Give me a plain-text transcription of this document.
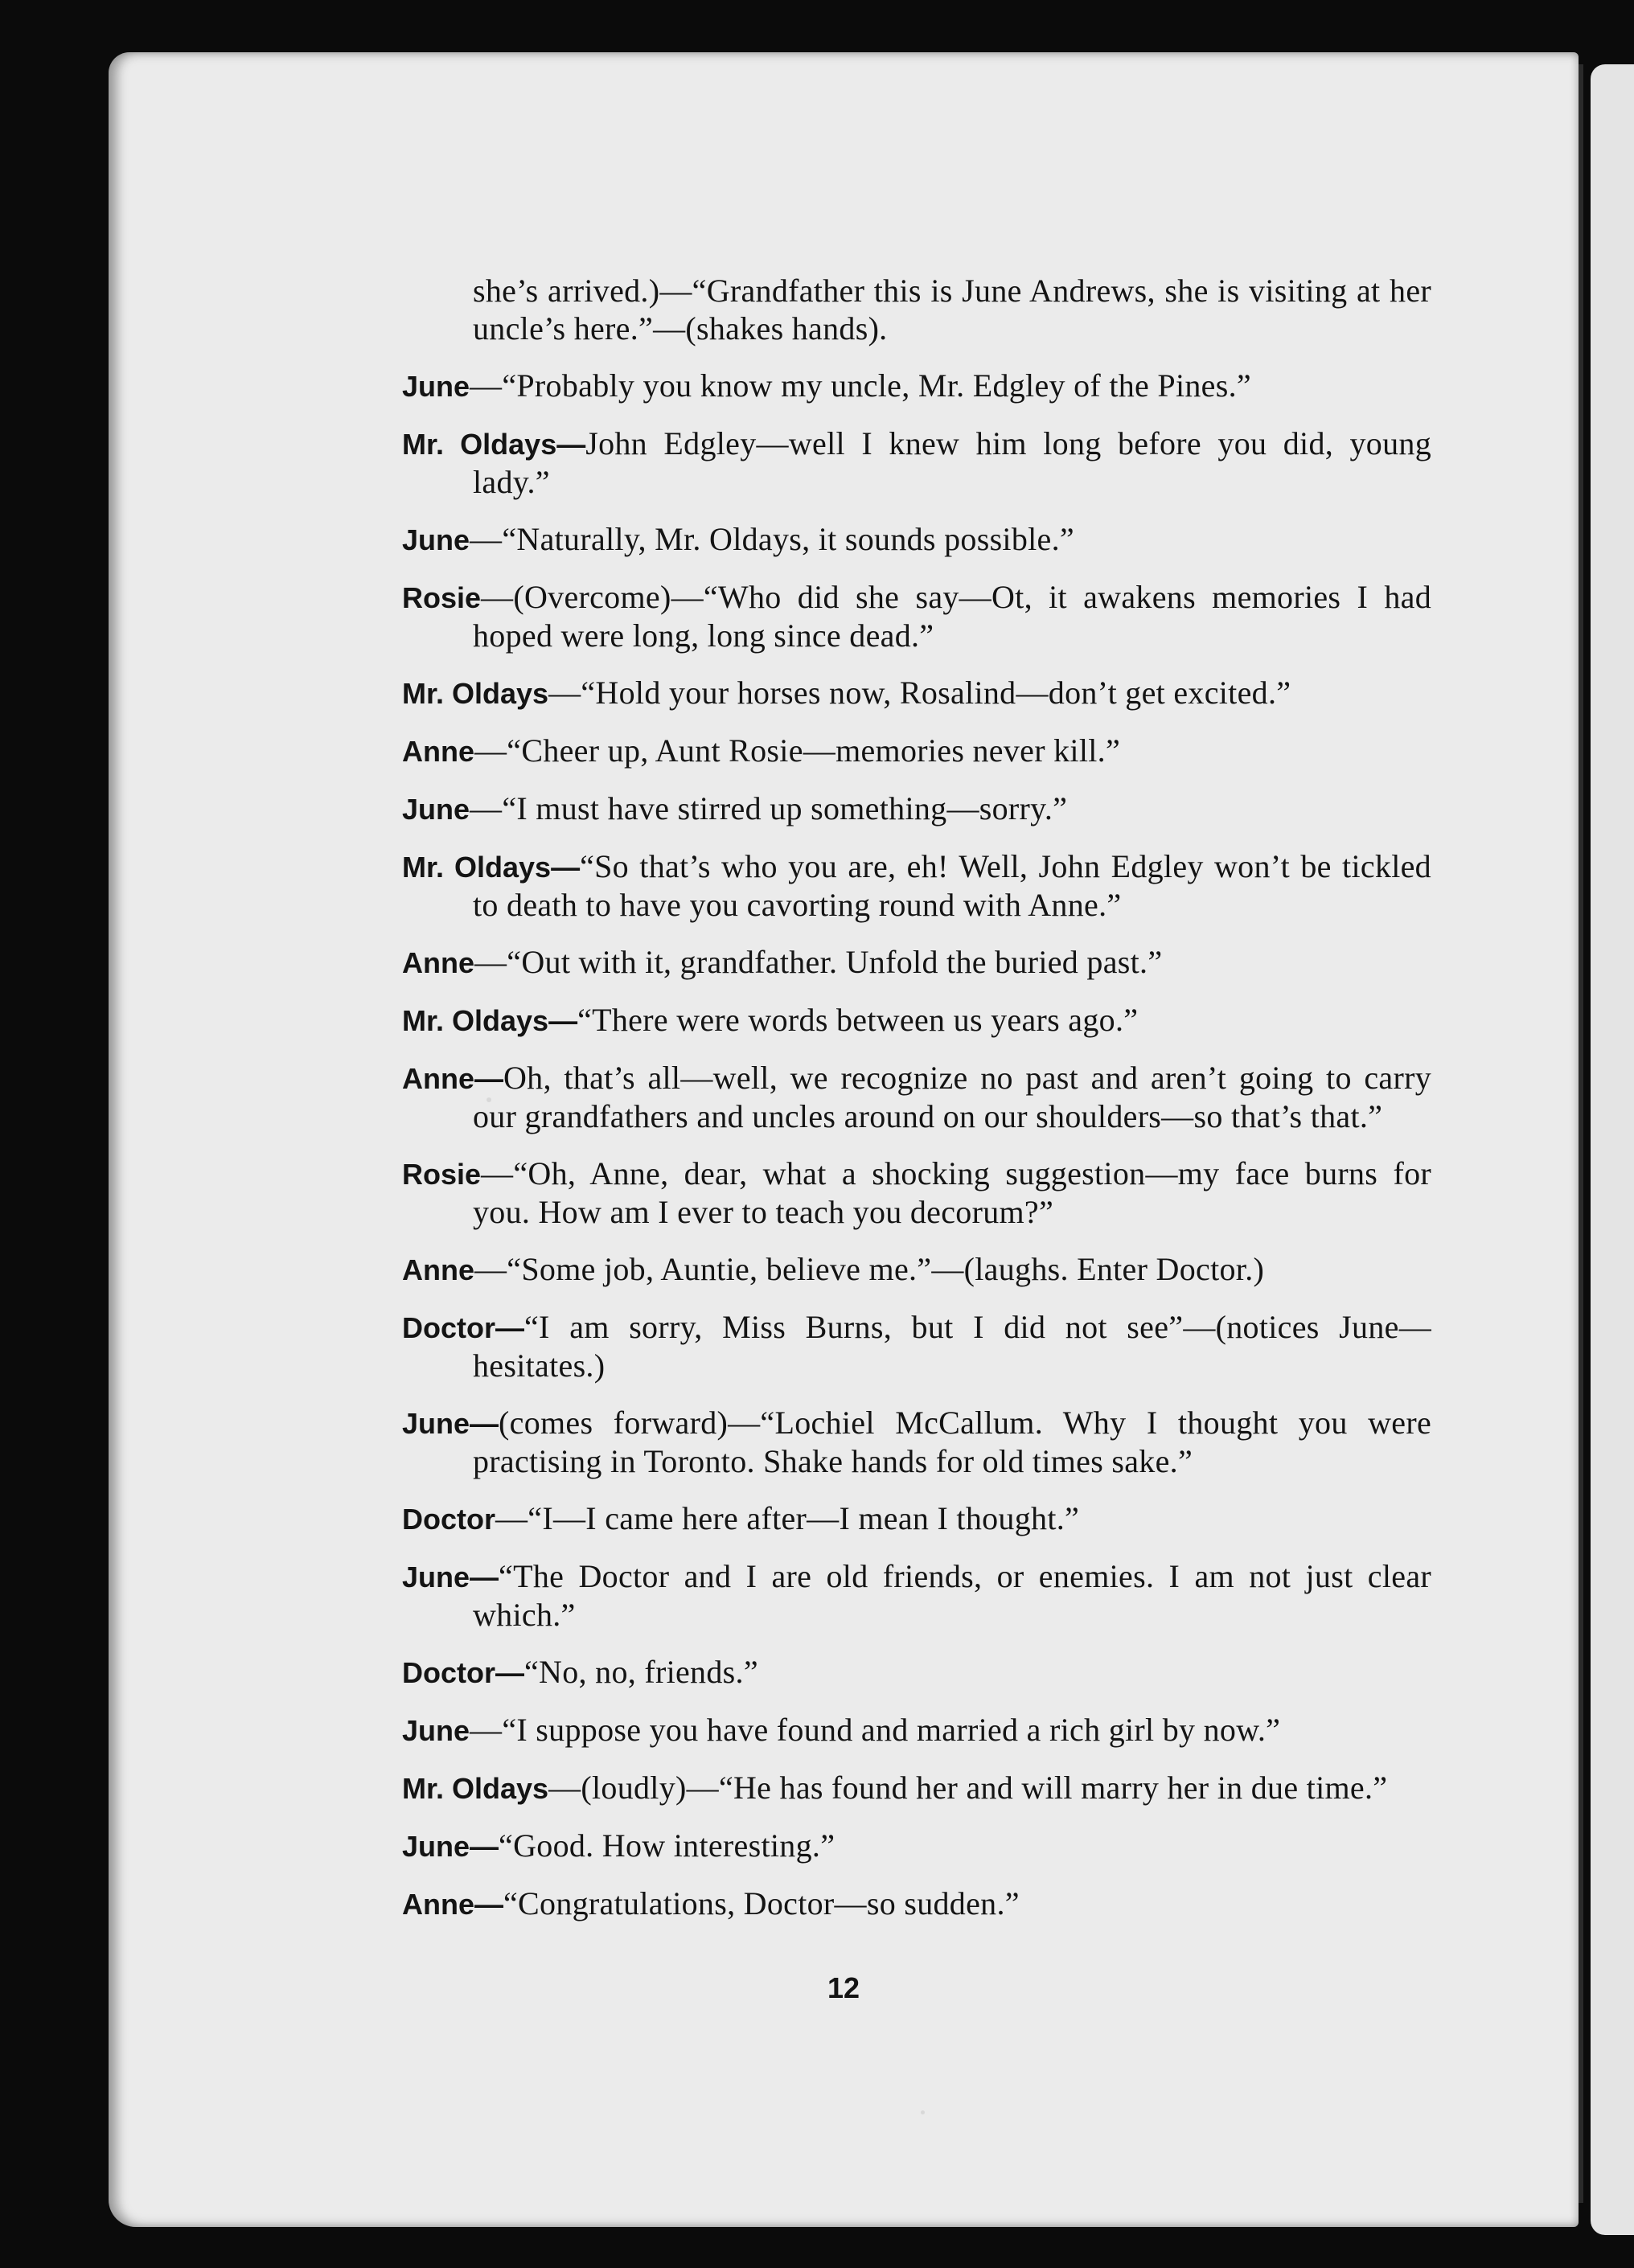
she’s arrived.)—“Grandfather this is June Andrews, she is visiting at her uncle’s here.”—(shakes hands).

June—“Probably you know my uncle, Mr. Edgley of the Pines.”

Mr. Oldays—John Edgley—well I knew him long before you did, young lady.”

June—“Naturally, Mr. Oldays, it sounds possible.”

Rosie—(Overcome)—“Who did she say—Ot, it awakens memories I had hoped were long, long since dead.”

Mr. Oldays—“Hold your horses now, Rosalind—don’t get excited.”

Anne—“Cheer up, Aunt Rosie—memories never kill.”

June—“I must have stirred up something—sorry.”

Mr. Oldays—“So that’s who you are, eh! Well, John Edgley won’t be tickled to death to have you cavorting round with Anne.”

Anne—“Out with it, grandfather. Unfold the buried past.”

Mr. Oldays—“There were words between us years ago.”

Anne—Oh, that’s all—well, we recognize no past and aren’t going to carry our grandfathers and uncles around on our shoulders—so that’s that.”

Rosie—“Oh, Anne, dear, what a shocking suggestion—my face burns for you. How am I ever to teach you decorum?”

Anne—“Some job, Auntie, believe me.”—(laughs. Enter Doctor.)

Doctor—“I am sorry, Miss Burns, but I did not see”—(notices June—hesitates.)

June—(comes forward)—“Lochiel McCallum. Why I thought you were practising in Toronto. Shake hands for old times sake.”

Doctor—“I—I came here after—I mean I thought.”

June—“The Doctor and I are old friends, or enemies. I am not just clear which.”

Doctor—“No, no, friends.”

June—“I suppose you have found and married a rich girl by now.”

Mr. Oldays—(loudly)—“He has found her and will marry her in due time.”

June—“Good. How interesting.”

Anne—“Congratulations, Doctor—so sudden.”

12
